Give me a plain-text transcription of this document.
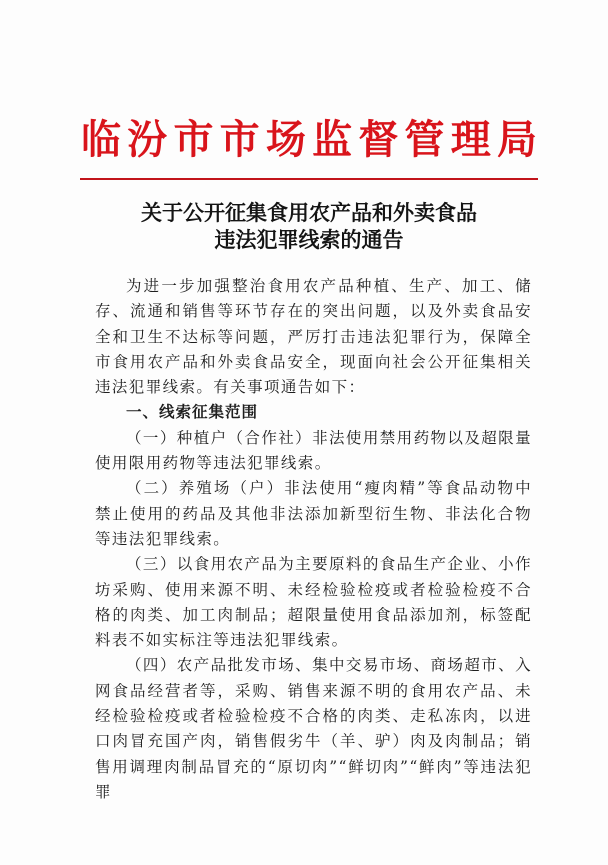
临 汾 市 市 场 监 督 管 理 局
关于公开征集食用农产品和外卖食品
违法犯罪线索的通告

为进一步加强整治食用农产品种植、生产、加工、储存、流通和销售等环节存在的突出问题，以及外卖食品安全和卫生不达标等问题，严厉打击违法犯罪行为，保障全市食用农产品和外卖食品安全，现面向社会公开征集相关违法犯罪线索。有关事项通告如下：

一、线索征集范围

（一）种植户（合作社）非法使用禁用药物以及超限量使用限用药物等违法犯罪线索。

（二）养殖场（户）非法使用“瘦肉精”等食品动物中禁止使用的药品及其他非法添加新型衍生物、非法化合物等违法犯罪线索。

（三）以食用农产品为主要原料的食品生产企业、小作坊采购、使用来源不明、未经检验检疫或者检验检疫不合格的肉类、加工肉制品；超限量使用食品添加剂，标签配料表不如实标注等违法犯罪线索。

（四）农产品批发市场、集中交易市场、商场超市、入网食品经营者等，采购、销售来源不明的食用农产品、未经检验检疫或者检验检疫不合格的肉类、走私冻肉，以进口肉冒充国产肉，销售假劣牛（羊、驴）肉及肉制品；销售用调理肉制品冒充的“原切肉”“鲜切肉”“鲜肉”等违法犯罪
